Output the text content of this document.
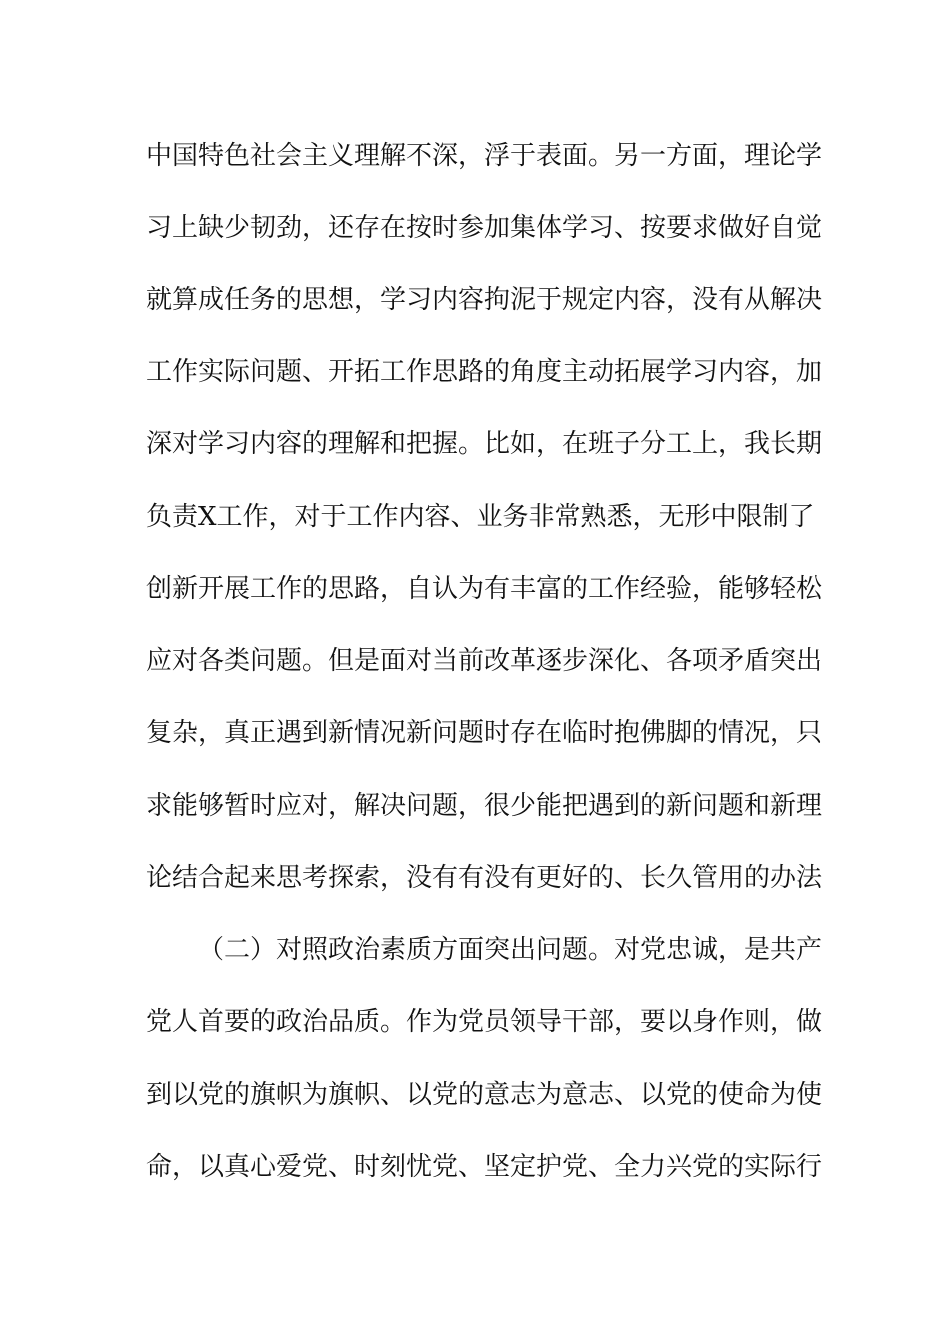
中国特色社会主义理解不深，浮于表面。另一方面，理论学
习上缺少韧劲，还存在按时参加集体学习、按要求做好自觉
就算成任务的思想，学习内容拘泥于规定内容，没有从解决
工作实际问题、开拓工作思路的角度主动拓展学习内容，加
深对学习内容的理解和把握。比如，在班子分工上，我长期
负责X工作，对于工作内容、业务非常熟悉，无形中限制了
创新开展工作的思路，自认为有丰富的工作经验，能够轻松
应对各类问题。但是面对当前改革逐步深化、各项矛盾突出
复杂，真正遇到新情况新问题时存在临时抱佛脚的情况，只
求能够暂时应对，解决问题，很少能把遇到的新问题和新理
论结合起来思考探索，没有有没有更好的、长久管用的办法
（二）对照政治素质方面突出问题。对党忠诚，是共产
党人首要的政治品质。作为党员领导干部，要以身作则，做
到以党的旗帜为旗帜、以党的意志为意志、以党的使命为使
命，以真心爱党、时刻忧党、坚定护党、全力兴党的实际行
